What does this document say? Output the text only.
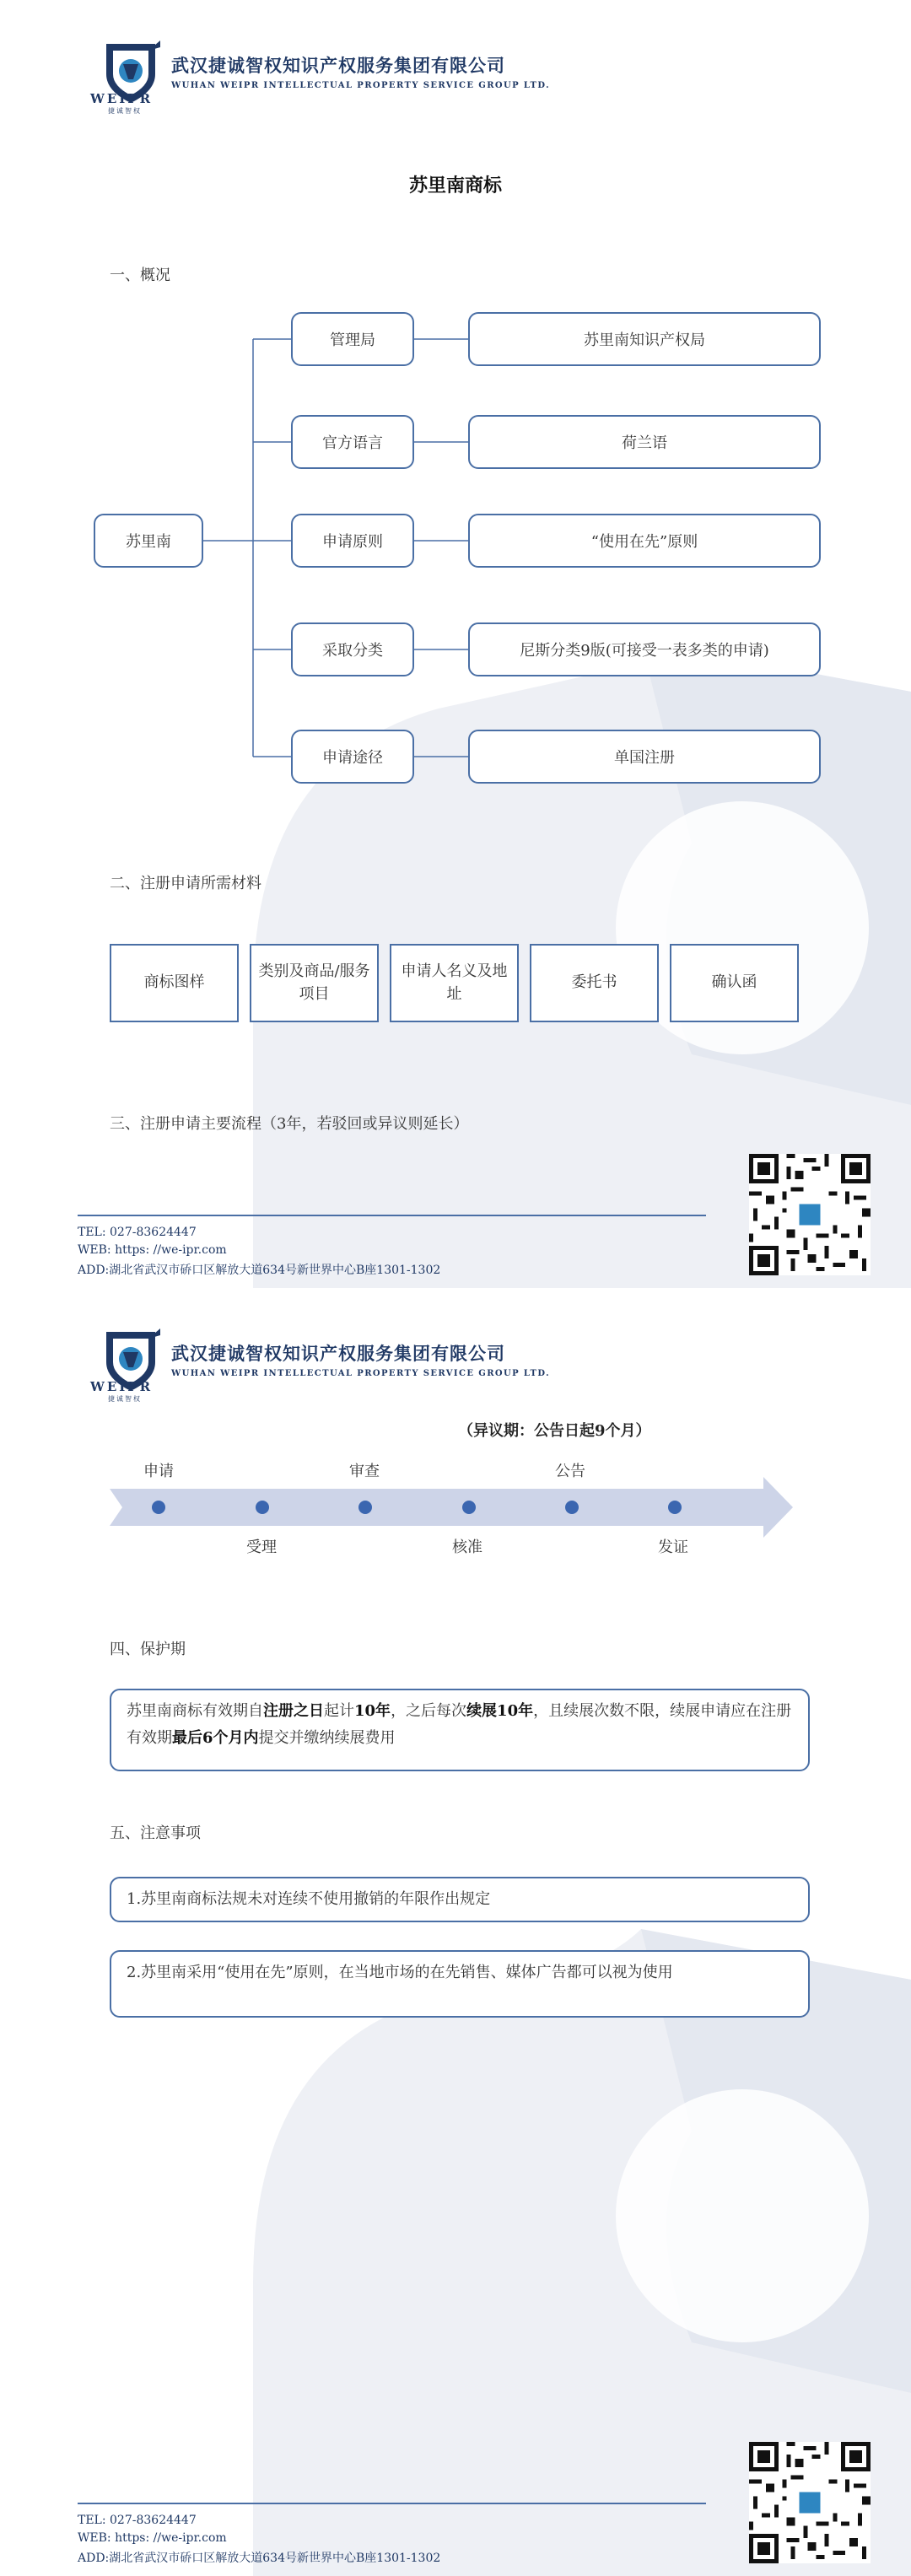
WEIPR
捷诚智权
武汉捷诚智权知识产权服务集团有限公司
WUHAN WEIPR INTELLECTUAL PROPERTY SERVICE GROUP LTD.
苏里南商标
一、概况
苏里南
管理局	苏里南知识产权局
官方语言	荷兰语
申请原则	“使用在先”原则
采取分类	尼斯分类9版(可接受一表多类的申请)
申请途径	单国注册
二、注册申请所需材料
商标图样
类别及商品/服务项目
申请人名义及地址
委托书	确认函
三、注册申请主要流程（3年，若驳回或异议则延长）
TEL: 027-83624447
WEB: https: //we-ipr.com
ADD:湖北省武汉市硚口区解放大道634号新世界中心B座1301-1302
WEIPR
捷诚智权
武汉捷诚智权知识产权服务集团有限公司
WUHAN WEIPR INTELLECTUAL PROPERTY SERVICE GROUP LTD.
（异议期：公告日起9个月）
申请	审查	公告
受理	核准	发证
四、保护期
苏里南商标有效期自注册之日起计10年，之后每次续展10年，且续展次数不限，续展申请应在注册有效期最后6个月内提交并缴纳续展费用
五、注意事项
1.苏里南商标法规未对连续不使用撤销的年限作出规定
2.苏里南采用“使用在先”原则，在当地市场的在先销售、媒体广告都可以视为使用
TEL: 027-83624447
WEB: https: //we-ipr.com
ADD:湖北省武汉市硚口区解放大道634号新世界中心B座1301-1302
